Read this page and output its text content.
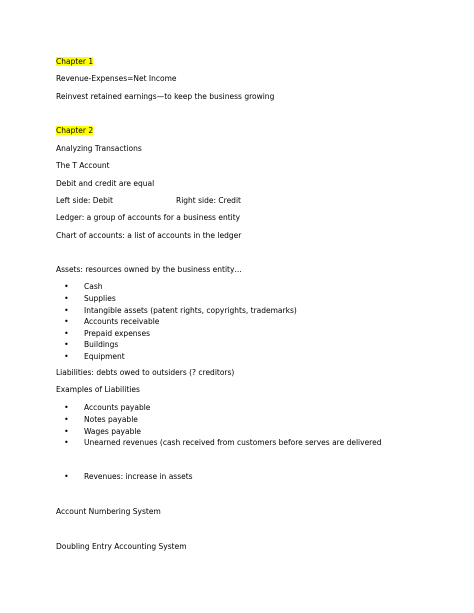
Chapter 1
Revenue-Expenses=Net Income
Reinvest retained earnings—to keep the business growing
Chapter 2
Analyzing Transactions
The T Account
Debit and credit are equal
Left side: Debit	Right side: Credit
Ledger: a group of accounts for a business entity
Chart of accounts: a list of accounts in the ledger
Assets: resources owned by the business entity…
• Cash
• Supplies
• Intangible assets (patent rights, copyrights, trademarks)
• Accounts receivable
• Prepaid expenses
• Buildings
• Equipment
Liabilities: debts owed to outsiders (? creditors)
Examples of Liabilities
• Accounts payable
• Notes payable
• Wages payable
• Unearned revenues (cash received from customers before serves are delivered
• Revenues: increase in assets
Account Numbering System
Doubling Entry Accounting System
